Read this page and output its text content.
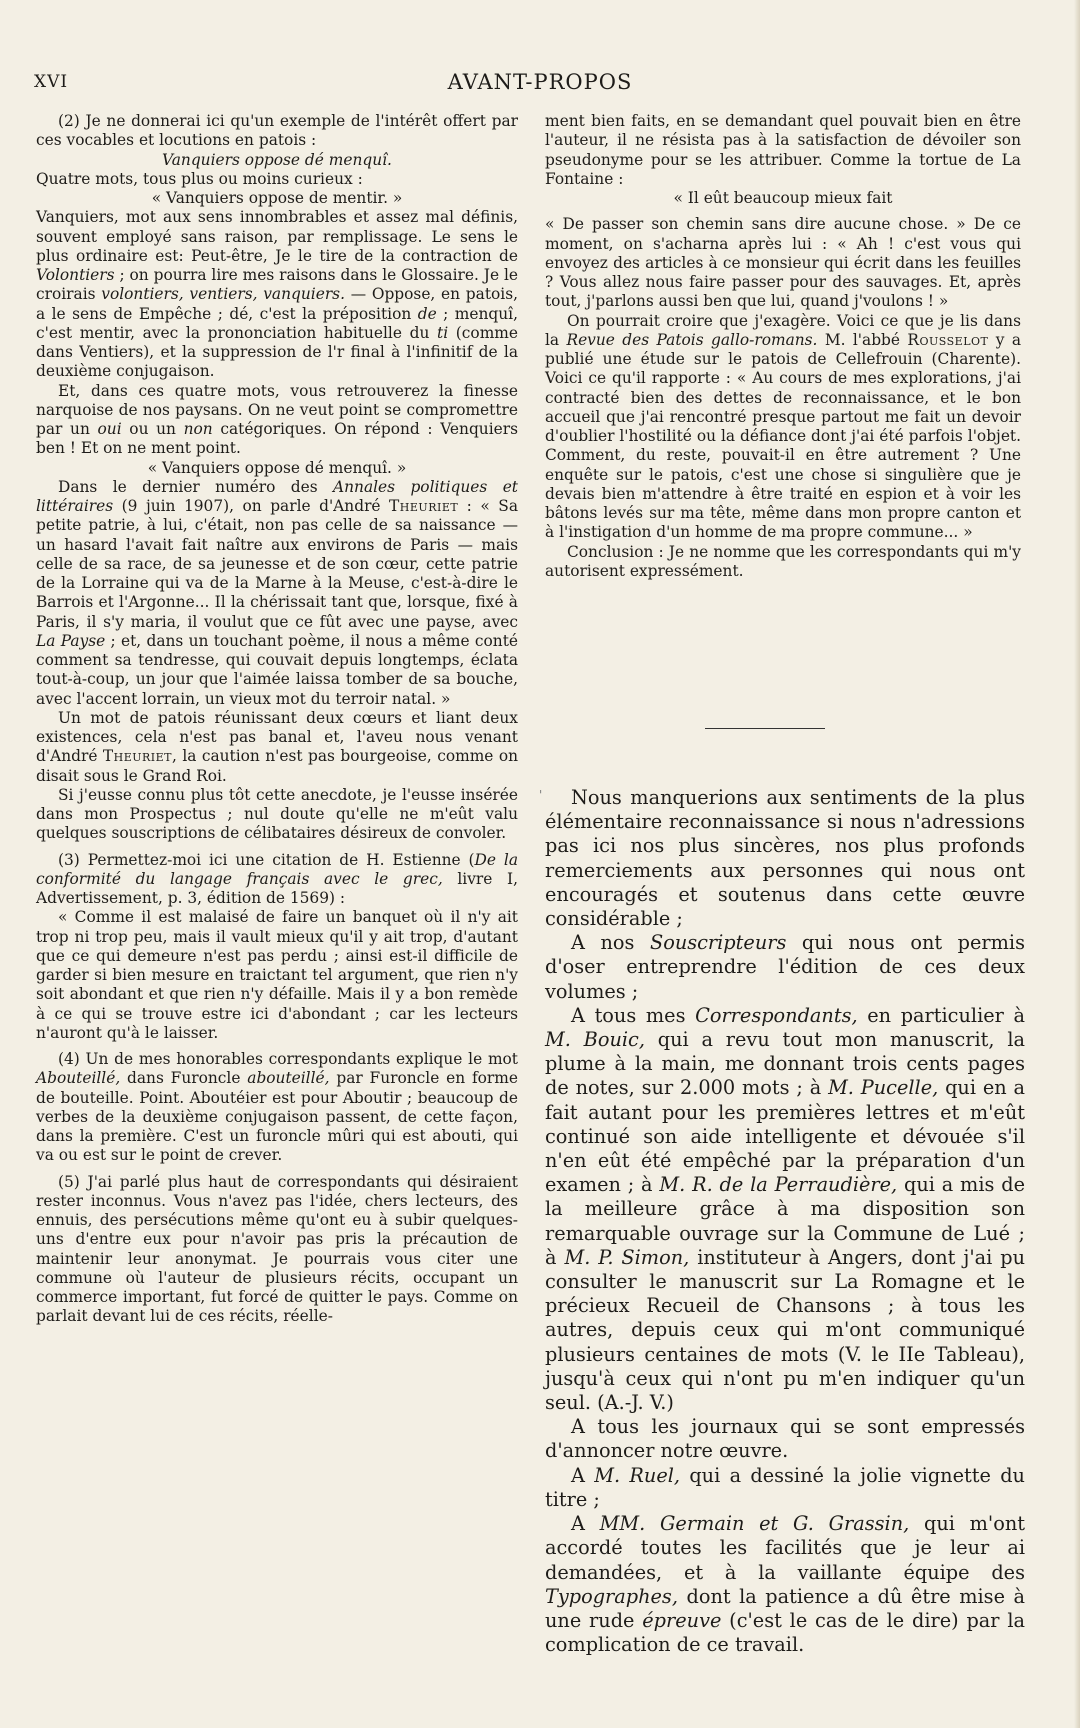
XVI	AVANT-PROPOS

(2) Je ne donnerai ici qu'un exemple de l'intérêt offert par ces vocables et locutions en patois :

Vanquiers oppose dé menquî.

Quatre mots, tous plus ou moins curieux :

« Vanquiers oppose de mentir. »

Vanquiers, mot aux sens innombrables et assez mal définis, souvent employé sans raison, par remplissage. Le sens le plus ordinaire est: Peut-être, Je le tire de la contraction de Volontiers ; on pourra lire mes raisons dans le Glossaire. Je le croirais volontiers, ventiers, vanquiers. — Oppose, en patois, a le sens de Empêche ; dé, c'est la préposition de ; menquî, c'est mentir, avec la prononciation habituelle du ti (comme dans Ventiers), et la suppression de l'r final à l'infinitif de la deuxième conjugaison.

Et, dans ces quatre mots, vous retrouverez la finesse narquoise de nos paysans. On ne veut point se compromettre par un oui ou un non catégoriques. On répond : Venquiers ben ! Et on ne ment point.

« Vanquiers oppose dé menquî. »

Dans le dernier numéro des Annales politiques et littéraires (9 juin 1907), on parle d'André Theuriet : « Sa petite patrie, à lui, c'était, non pas celle de sa naissance — un hasard l'avait fait naître aux environs de Paris — mais celle de sa race, de sa jeunesse et de son cœur, cette patrie de la Lorraine qui va de la Marne à la Meuse, c'est-à-dire le Barrois et l'Argonne... Il la chérissait tant que, lorsque, fixé à Paris, il s'y maria, il voulut que ce fût avec une payse, avec La Payse ; et, dans un touchant poème, il nous a même conté comment sa tendresse, qui couvait depuis longtemps, éclata tout-à-coup, un jour que l'aimée laissa tomber de sa bouche, avec l'accent lorrain, un vieux mot du terroir natal. »

Un mot de patois réunissant deux cœurs et liant deux existences, cela n'est pas banal et, l'aveu nous venant d'André Theuriet, la caution n'est pas bourgeoise, comme on disait sous le Grand Roi.

Si j'eusse connu plus tôt cette anecdote, je l'eusse insérée dans mon Prospectus ; nul doute qu'elle ne m'eût valu quelques souscriptions de célibataires désireux de convoler.

(3) Permettez-moi ici une citation de H. Estienne (De la conformité du langage français avec le grec, livre I, Advertissement, p. 3, édition de 1569) :

« Comme il est malaisé de faire un banquet où il n'y ait trop ni trop peu, mais il vault mieux qu'il y ait trop, d'autant que ce qui demeure n'est pas perdu ; ainsi est-il difficile de garder si bien mesure en traictant tel argument, que rien n'y soit abondant et que rien n'y défaille. Mais il y a bon remède à ce qui se trouve estre ici d'abondant ; car les lecteurs n'auront qu'à le laisser.

(4) Un de mes honorables correspondants explique le mot Abouteillé, dans Furoncle abouteillé, par Furoncle en forme de bouteille. Point. Aboutéier est pour Aboutir ; beaucoup de verbes de la deuxième conjugaison passent, de cette façon, dans la première. C'est un furoncle mûri qui est abouti, qui va ou est sur le point de crever.

(5) J'ai parlé plus haut de correspondants qui désiraient rester inconnus. Vous n'avez pas l'idée, chers lecteurs, des ennuis, des persécutions même qu'ont eu à subir quelques-uns d'entre eux pour n'avoir pas pris la précaution de maintenir leur anonymat. Je pourrais vous citer une commune où l'auteur de plusieurs récits, occupant un commerce important, fut forcé de quitter le pays. Comme on parlait devant lui de ces récits, réelle-

ment bien faits, en se demandant quel pouvait bien en être l'auteur, il ne résista pas à la satisfaction de dévoiler son pseudonyme pour se les attribuer. Comme la tortue de La Fontaine :

« Il eût beaucoup mieux fait

« De passer son chemin sans dire aucune chose. » De ce moment, on s'acharna après lui : « Ah ! c'est vous qui envoyez des articles à ce monsieur qui écrit dans les feuilles ? Vous allez nous faire passer pour des sauvages. Et, après tout, j'parlons aussi ben que lui, quand j'voulons ! »

On pourrait croire que j'exagère. Voici ce que je lis dans la Revue des Patois gallo-romans. M. l'abbé Rousselot y a publié une étude sur le patois de Cellefrouin (Charente). Voici ce qu'il rapporte : « Au cours de mes explorations, j'ai contracté bien des dettes de reconnaissance, et le bon accueil que j'ai rencontré presque partout me fait un devoir d'oublier l'hostilité ou la défiance dont j'ai été parfois l'objet. Comment, du reste, pouvait-il en être autrement ? Une enquête sur le patois, c'est une chose si singulière que je devais bien m'attendre à être traité en espion et à voir les bâtons levés sur ma tête, même dans mon propre canton et à l'instigation d'un homme de ma propre commune... »

Conclusion : Je ne nomme que les correspondants qui m'y autorisent expressément.

'	Nous manquerions aux sentiments de la plus élémentaire reconnaissance si nous n'adressions pas ici nos plus sincères, nos plus profonds remerciements aux personnes qui nous ont encouragés et soutenus dans cette œuvre considérable ;

A nos Souscripteurs qui nous ont permis d'oser entreprendre l'édition de ces deux volumes ;

A tous mes Correspondants, en particulier à M. Bouic, qui a revu tout mon manuscrit, la plume à la main, me donnant trois cents pages de notes, sur 2.000 mots ; à M. Pucelle, qui en a fait autant pour les premières lettres et m'eût continué son aide intelligente et dévouée s'il n'en eût été empêché par la préparation d'un examen ; à M. R. de la Perraudière, qui a mis de la meilleure grâce à ma disposition son remarquable ouvrage sur la Commune de Lué ; à M. P. Simon, instituteur à Angers, dont j'ai pu consulter le manuscrit sur La Romagne et le précieux Recueil de Chansons ; à tous les autres, depuis ceux qui m'ont communiqué plusieurs centaines de mots (V. le IIe Tableau), jusqu'à ceux qui n'ont pu m'en indiquer qu'un seul. (A.-J. V.)

A tous les journaux qui se sont empressés d'annoncer notre œuvre.

A M. Ruel, qui a dessiné la jolie vignette du titre ;

A MM. Germain et G. Grassin, qui m'ont accordé toutes les facilités que je leur ai demandées, et à la vaillante équipe des Typographes, dont la patience a dû être mise à une rude épreuve (c'est le cas de le dire) par la complication de ce travail.
